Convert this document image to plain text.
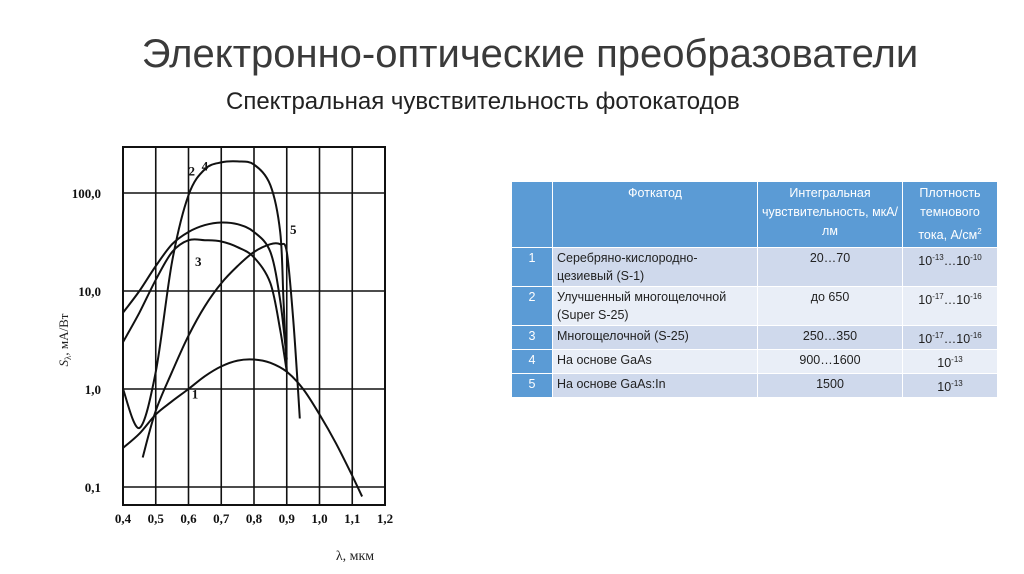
Электронно-оптические преобразователи
Спектральная чувствительность фотокатодов
0,4 0,5 0,6 0,7 0,8 0,9 1,0 1,1 1,2
100,0
10,0
1,0
0,1
1
2
3
4
5
λ, мкм
$S_\lambda$, мА/Вт
	Фоткатод	Интегральная чувствительность, мкА/лм	Плотность темнового тока, $А/см^2$
1	Серебряно-кислородно-цезиевый (S-1)	20…70	$10^{-13}\dots 10^{-10}$
2	Улучшенный многощелочной (Super S-25)	до 650	$10^{-17}\dots 10^{-16}$
3	Многощелочной (S-25)	250…350	$10^{-17}\dots 10^{-16}$
4	На основе GaAs	900…1600	$10^{-13}$
5	На основе GaAs:In	1500	$10^{-13}$
